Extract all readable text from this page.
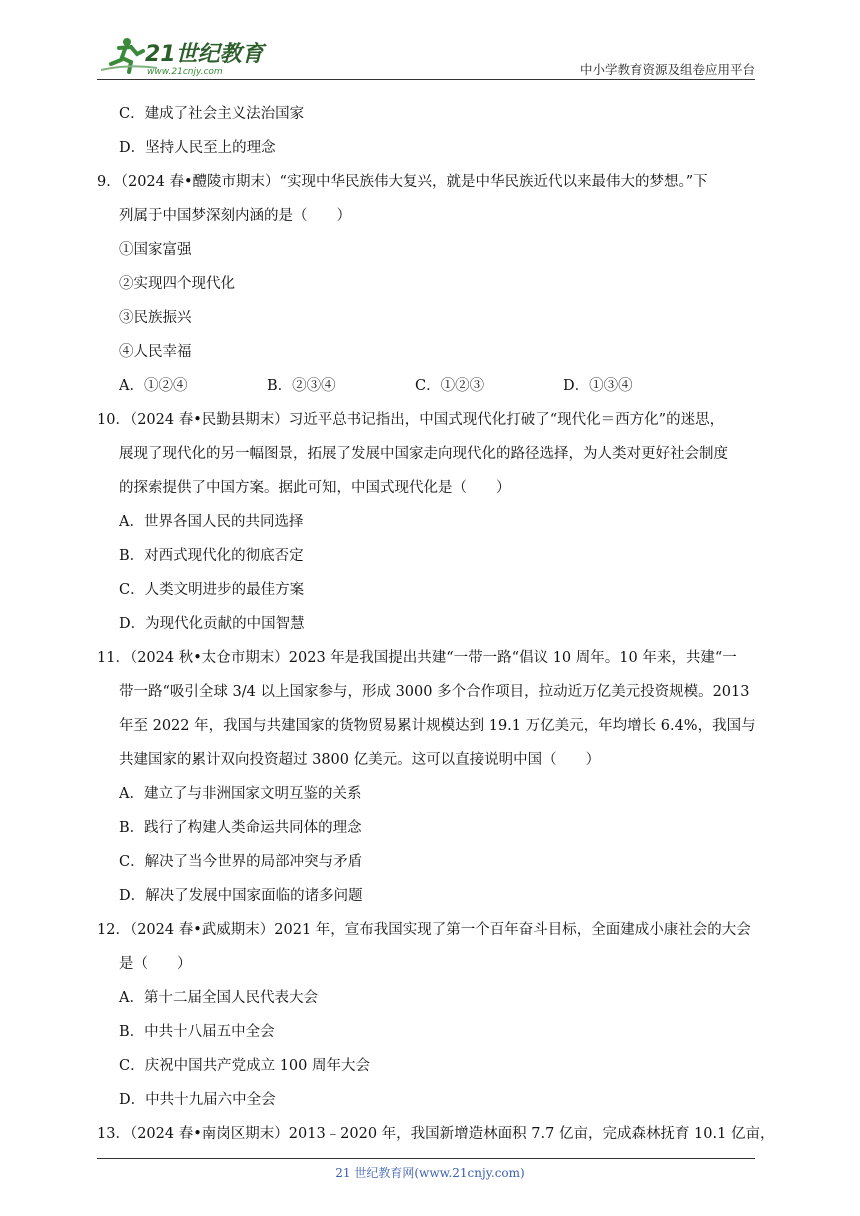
21世纪教育
www.21cnjy.com	中小学教育资源及组卷应用平台
C．建成了社会主义法治国家
D．坚持人民至上的理念
9．（2024 春•醴陵市期末）“实现中华民族伟大复兴，就是中华民族近代以来最伟大的梦想。”下
列属于中国梦深刻内涵的是（　　）
①国家富强
②实现四个现代化
③民族振兴
④人民幸福
A．①②④	B．②③④	C．①②③	D．①③④
10．（2024 春•民勤县期末）习近平总书记指出，中国式现代化打破了“现代化＝西方化”的迷思，
展现了现代化的另一幅图景，拓展了发展中国家走向现代化的路径选择，为人类对更好社会制度
的探索提供了中国方案。据此可知，中国式现代化是（　　）
A．世界各国人民的共同选择
B．对西式现代化的彻底否定
C．人类文明进步的最佳方案
D．为现代化贡献的中国智慧
11．（2024 秋•太仓市期末）2023 年是我国提出共建“一带一路“倡议 10 周年。10 年来，共建“一
带一路“吸引全球 3/4 以上国家参与，形成 3000 多个合作项目，拉动近万亿美元投资规模。2013
年至 2022 年，我国与共建国家的货物贸易累计规模达到 19.1 万亿美元，年均增长 6.4%，我国与
共建国家的累计双向投资超过 3800 亿美元。这可以直接说明中国（　　）
A．建立了与非洲国家文明互鉴的关系
B．践行了构建人类命运共同体的理念
C．解决了当今世界的局部冲突与矛盾
D．解决了发展中国家面临的诸多问题
12．（2024 春•武威期末）2021 年，宣布我国实现了第一个百年奋斗目标，全面建成小康社会的大会
是（　　）
A．第十二届全国人民代表大会
B．中共十八届五中全会
C．庆祝中国共产党成立 100 周年大会
D．中共十九届六中全会
13．（2024 春•南岗区期末）2013﹣2020 年，我国新增造林面积 7.7 亿亩，完成森林抚育 10.1 亿亩，
21 世纪教育网(www.21cnjy.com)
